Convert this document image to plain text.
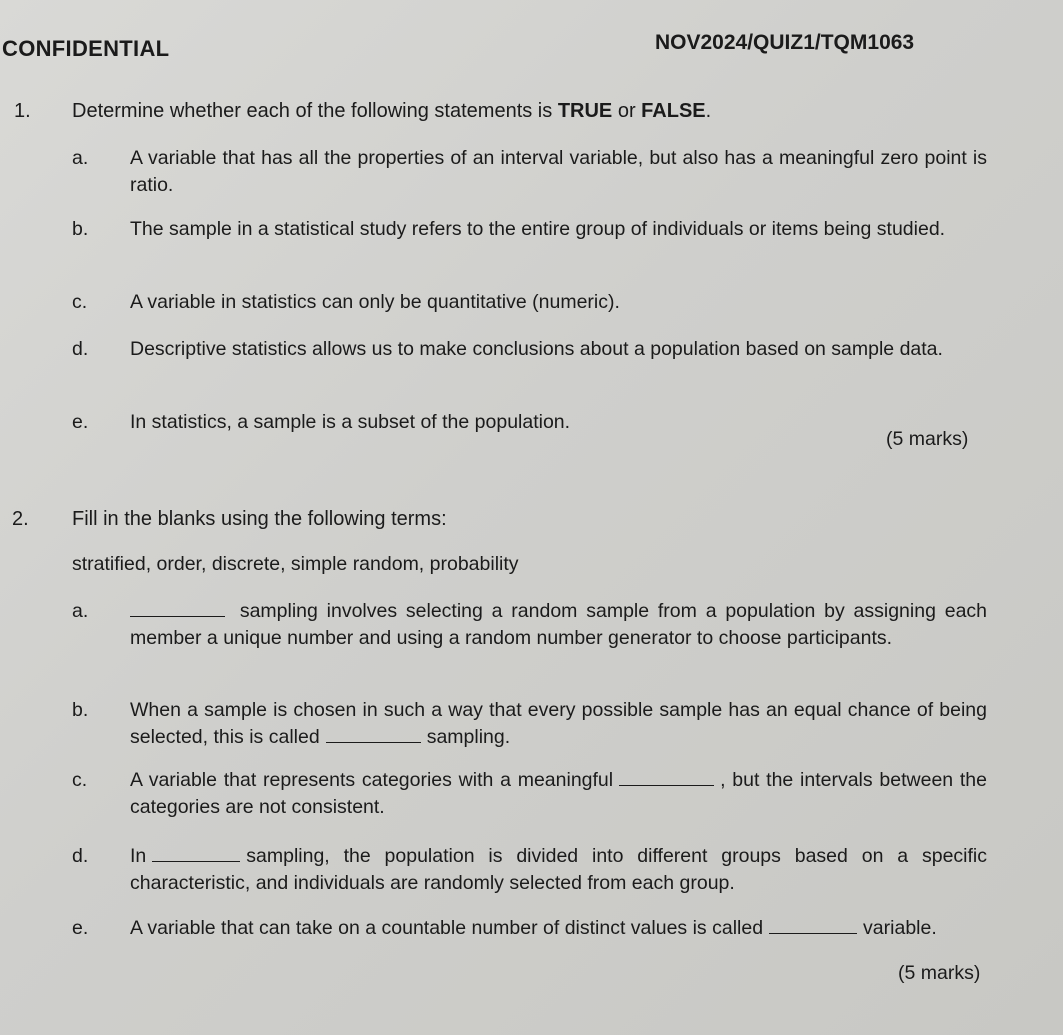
CONFIDENTIAL	NOV2024/QUIZ1/TQM1063
1. Determine whether each of the following statements is TRUE or FALSE.
a. A variable that has all the properties of an interval variable, but also has a meaningful zero point is ratio.
b. The sample in a statistical study refers to the entire group of individuals or items being studied.
c. A variable in statistics can only be quantitative (numeric).
d. Descriptive statistics allows us to make conclusions about a population based on sample data.
e. In statistics, a sample is a subset of the population.
(5 marks)
2. Fill in the blanks using the following terms:
stratified, order, discrete, simple random, probability
a.	sampling involves selecting a random sample from a population by assigning each member a unique number and using a random number generator to choose participants.
b. When a sample is chosen in such a way that every possible sample has an equal chance of being selected, this is called	sampling.
c. A variable that represents categories with a meaningful	, but the intervals between the categories are not consistent.
d. In	sampling, the population is divided into different groups based on a specific characteristic, and individuals are randomly selected from each group.
e. A variable that can take on a countable number of distinct values is called	variable.
(5 marks)
